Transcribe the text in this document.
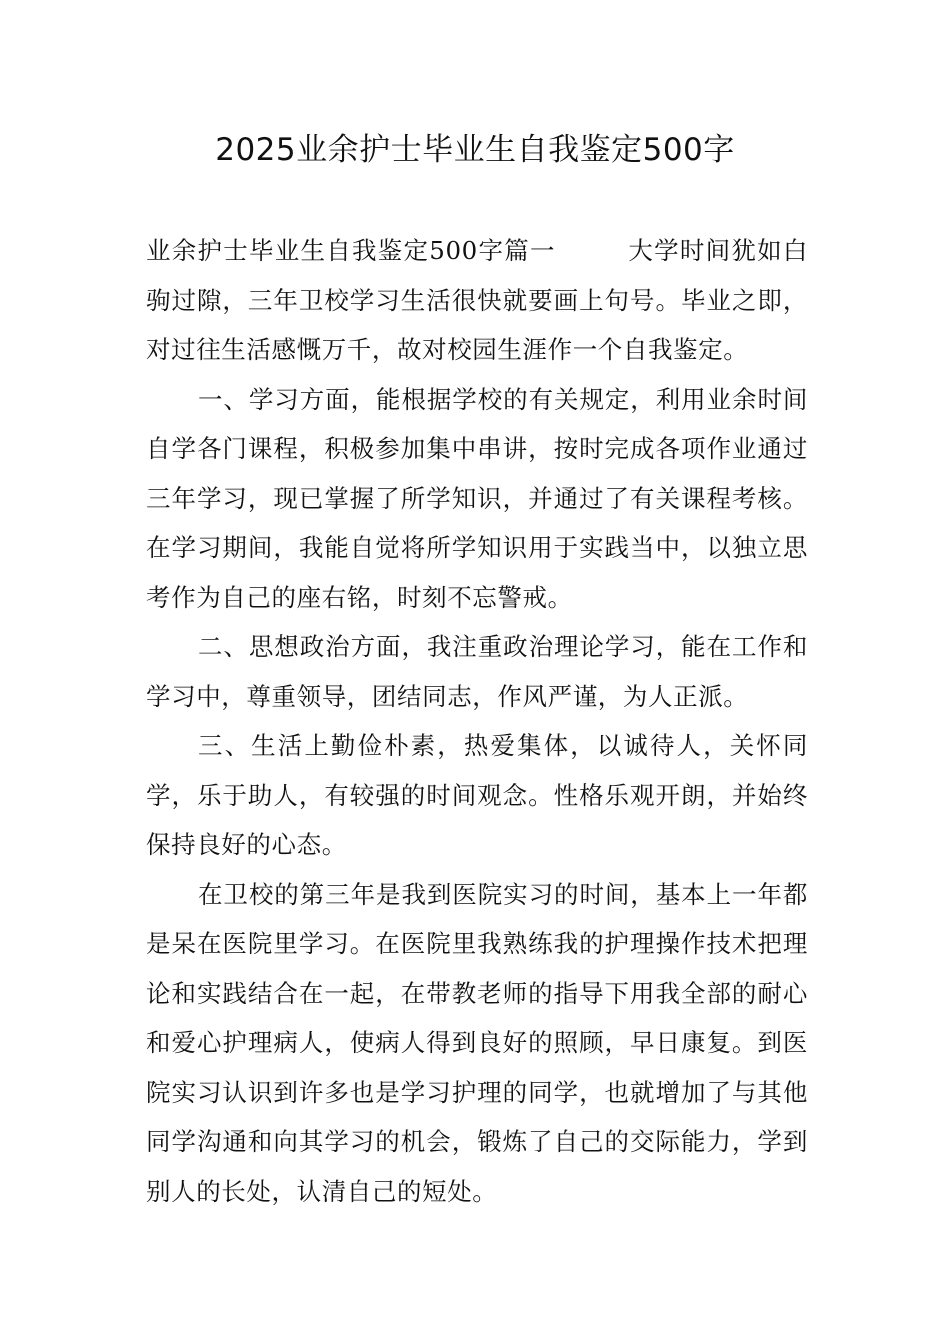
2025业余护士毕业生自我鉴定500字

业余护士毕业生自我鉴定500字篇一	大学时间犹如白驹过隙，三年卫校学习生活很快就要画上句号。毕业之即，对过往生活感慨万千，故对校园生涯作一个自我鉴定。

一、学习方面，能根据学校的有关规定，利用业余时间自学各门课程，积极参加集中串讲，按时完成各项作业通过三年学习，现已掌握了所学知识，并通过了有关课程考核。在学习期间，我能自觉将所学知识用于实践当中，以独立思考作为自己的座右铭，时刻不忘警戒。

二、思想政治方面，我注重政治理论学习，能在工作和学习中，尊重领导，团结同志，作风严谨，为人正派。

三、生活上勤俭朴素，热爱集体，以诚待人，关怀同学，乐于助人，有较强的时间观念。性格乐观开朗，并始终保持良好的心态。

在卫校的第三年是我到医院实习的时间，基本上一年都是呆在医院里学习。在医院里我熟练我的护理操作技术把理论和实践结合在一起，在带教老师的指导下用我全部的耐心和爱心护理病人，使病人得到良好的照顾，早日康复。到医院实习认识到许多也是学习护理的同学，也就增加了与其他同学沟通和向其学习的机会，锻炼了自己的交际能力，学到别人的长处，认清自己的短处。
